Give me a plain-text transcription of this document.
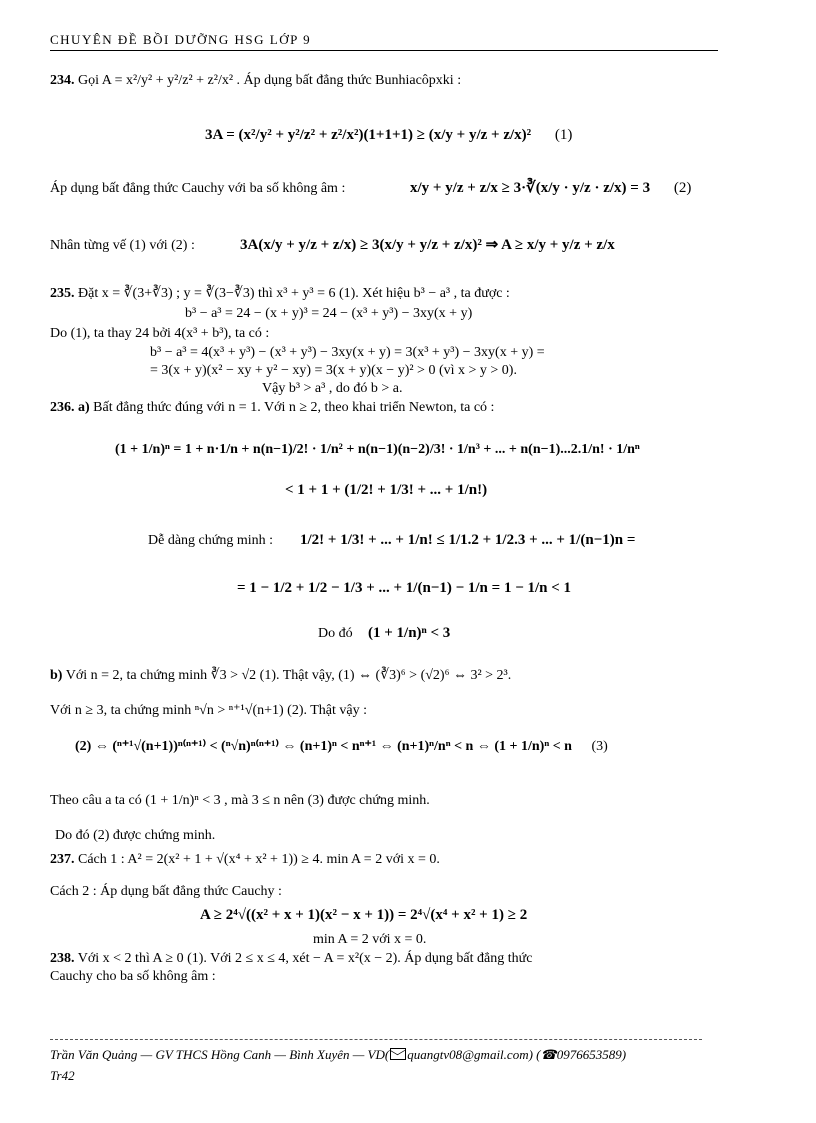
CHUYÊN ĐỀ BỒI DƯỠNG HSG LỚP 9
234. Gọi A = x²/y² + y²/z² + z²/x² . Áp dụng bất đẳng thức Bunhiacôpxki :
3A = (x²/y² + y²/z² + z²/x²)(1+1+1) ≥ (x/y + y/z + z/x)² (1)
Áp dụng bất đẳng thức Cauchy với ba số không âm :	x/y + y/z + z/x ≥ 3·∛(x/y · y/z · z/x) = 3 (2)
Nhân từng vế (1) với (2) :	3A(x/y + y/z + z/x) ≥ 3(x/y + y/z + z/x)² ⇒ A ≥ x/y + y/z + z/x
235. Đặt x = ∛(3+∛3) ; y = ∛(3−∛3) thì x³ + y³ = 6 (1). Xét hiệu b³ − a³ , ta được :
b³ − a³ = 24 − (x + y)³ = 24 − (x³ + y³) − 3xy(x + y)
Do (1), ta thay 24 bởi 4(x³ + b³), ta có :
b³ − a³ = 4(x³ + y³) − (x³ + y³) − 3xy(x + y) = 3(x³ + y³) − 3xy(x + y) =
= 3(x + y)(x² − xy + y² − xy) = 3(x + y)(x − y)² > 0 (vì x > y > 0).
Vậy b³ > a³ , do đó b > a.
236. a) Bất đẳng thức đúng với n = 1. Với n ≥ 2, theo khai triển Newton, ta có :
(1 + 1/n)ⁿ = 1 + n·1/n + n(n−1)/2! · 1/n² + n(n−1)(n−2)/3! · 1/n³ + ... + n(n−1)...2.1/n! · 1/nⁿ
< 1 + 1 + (1/2! + 1/3! + ... + 1/n!)
Dễ dàng chứng minh : 1/2! + 1/3! + ... + 1/n! ≤ 1/1.2 + 1/2.3 + ... + 1/(n−1)n =
= 1 − 1/2 + 1/2 − 1/3 + ... + 1/(n−1) − 1/n = 1 − 1/n < 1
Do đó (1 + 1/n)ⁿ < 3
b) Với n = 2, ta chứng minh ∛3 > √2 (1). Thật vậy, (1) ⇔ (∛3)⁶ > (√2)⁶ ⇔ 3² > 2³.
Với n ≥ 3, ta chứng minh ⁿ√n > ⁿ⁺¹√(n+1) (2). Thật vậy :
(2) ⇔ (ⁿ⁺¹√(n+1))ⁿ⁽ⁿ⁺¹⁾ < (ⁿ√n)ⁿ⁽ⁿ⁺¹⁾ ⇔ (n+1)ⁿ < nⁿ⁺¹ ⇔ (n+1)ⁿ/nⁿ < n ⇔ (1 + 1/n)ⁿ < n (3)
Theo câu a ta có (1 + 1/n)ⁿ < 3 , mà 3 ≤ n nên (3) được chứng minh.
Do đó (2) được chứng minh.
237. Cách 1 : A² = 2(x² + 1 + √(x⁴ + x² + 1)) ≥ 4. min A = 2 với x = 0.
Cách 2 : Áp dụng bất đẳng thức Cauchy :
A ≥ 2⁴√((x² + x + 1)(x² − x + 1)) = 2⁴√(x⁴ + x² + 1) ≥ 2
min A = 2 với x = 0.
238. Với x < 2 thì A ≥ 0 (1). Với 2 ≤ x ≤ 4, xét − A = x²(x − 2). Áp dụng bất đẳng thức
Cauchy cho ba số không âm :
Trần Văn Quảng — GV THCS Hồng Canh — Bình Xuyên — VD( quangtv08@gmail.com) (☎0976653589)
Tr42
